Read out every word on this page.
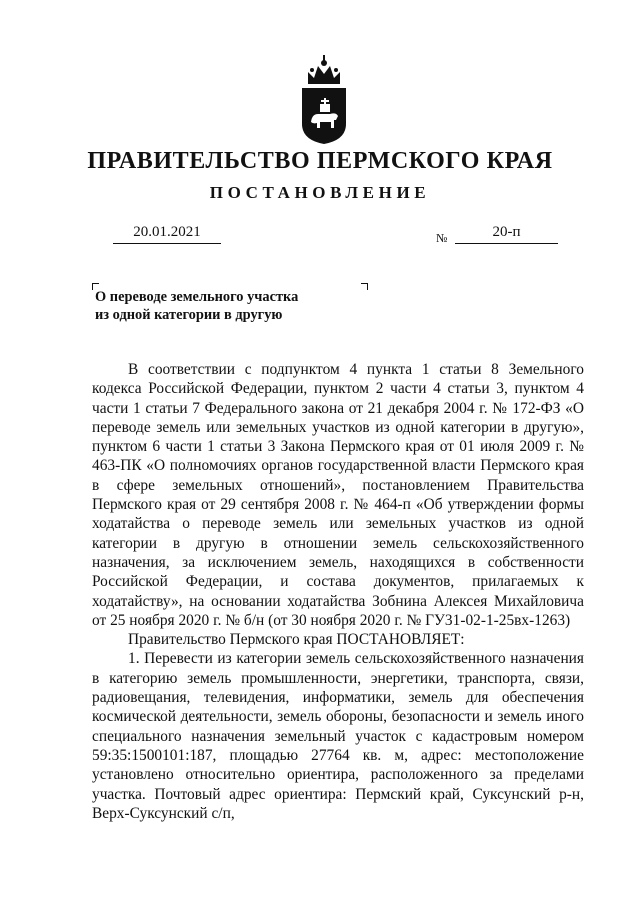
ПРАВИТЕЛЬСТВО ПЕРМСКОГО КРАЯ
ПОСТАНОВЛЕНИЕ
20.01.2021	№	20-п
О переводе земельного участка
из одной категории в другую

В соответствии с подпунктом 4 пункта 1 статьи 8 Земельного кодекса Российской Федерации, пунктом 2 части 4 статьи 3, пунктом 4 части 1 статьи 7 Федерального закона от 21 декабря 2004 г. № 172-ФЗ «О переводе земель или земельных участков из одной категории в другую», пунктом 6 части 1 статьи 3 Закона Пермского края от 01 июля 2009 г. № 463-ПК «О полномочиях органов государственной власти Пермского края в сфере земельных отношений», постановлением Правительства Пермского края от 29 сентября 2008 г. № 464-п «Об утверждении формы ходатайства о переводе земель или земельных участков из одной категории в другую в отношении земель сельскохозяйственного назначения, за исключением земель, находящихся в собственности Российской Федерации, и состава документов, прилагаемых к ходатайству», на основании ходатайства Зобнина Алексея Михайловича от 25 ноября 2020 г. № б/н (от 30 ноября 2020 г. № ГУ31-02-1-25вх-1263)

Правительство Пермского края ПОСТАНОВЛЯЕТ:

1. Перевести из категории земель сельскохозяйственного назначения в категорию земель промышленности, энергетики, транспорта, связи, радиовещания, телевидения, информатики, земель для обеспечения космической деятельности, земель обороны, безопасности и земель иного специального назначения земельный участок с кадастровым номером 59:35:1500101:187, площадью 27764 кв. м, адрес: местоположение установлено относительно ориентира, расположенного за пределами участка. Почтовый адрес ориентира: Пермский край, Суксунский р-н, Верх-Суксунский с/п,
